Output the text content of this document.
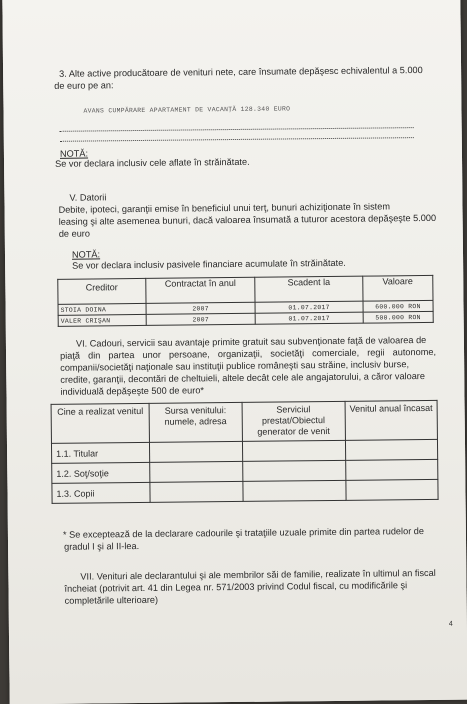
3. Alte active producătoare de venituri nete, care însumate depăşesc echivalentul a 5.000
de euro pe an:
AVANS CUMPĂRARE APARTAMENT DE VACANŢĂ 128.340 EURO
NOTĂ:
Se vor declara inclusiv cele aflate în străinătate.
V. Datorii
Debite, ipoteci, garanţii emise în beneficiul unui terţ, bunuri achiziţionate în sistem
leasing şi alte asemenea bunuri, dacă valoarea însumată a tuturor acestora depăşeşte 5.000
de euro
NOTĂ:
Se vor declara inclusiv pasivele financiare acumulate în străinătate.
Creditor	Contractat în anul	Scadent la	Valoare
STOIA DOINA	2007	01.07.2017	600.000 RON
VALER CRIŞAN	2007	01.07.2017	500.000 RON
VI. Cadouri, servicii sau avantaje primite gratuit sau subvenţionate faţă de valoarea de
piaţă din partea unor persoane, organizaţii, societăţi comerciale, regii autonome,
companii/societăţi naţionale sau instituţii publice româneşti sau străine, inclusiv burse,
credite, garanţii, decontări de cheltuieli, altele decât cele ale angajatorului, a căror valoare
individuală depăşeşte 500 de euro*
Cine a realizat venitul	Sursa venitului: numele, adresa	Serviciul prestat/Obiectul generator de venit	Venitul anual încasat
1.1. Titular			
1.2. Soţ/soţie			
1.3. Copii			
* Se exceptează de la declarare cadourile şi trataţiile uzuale primite din partea rudelor de
gradul I şi al II-lea.
VII. Venituri ale declarantului şi ale membrilor săi de familie, realizate în ultimul an fiscal
încheiat (potrivit art. 41 din Legea nr. 571/2003 privind Codul fiscal, cu modificările şi
completările ulterioare)
4
